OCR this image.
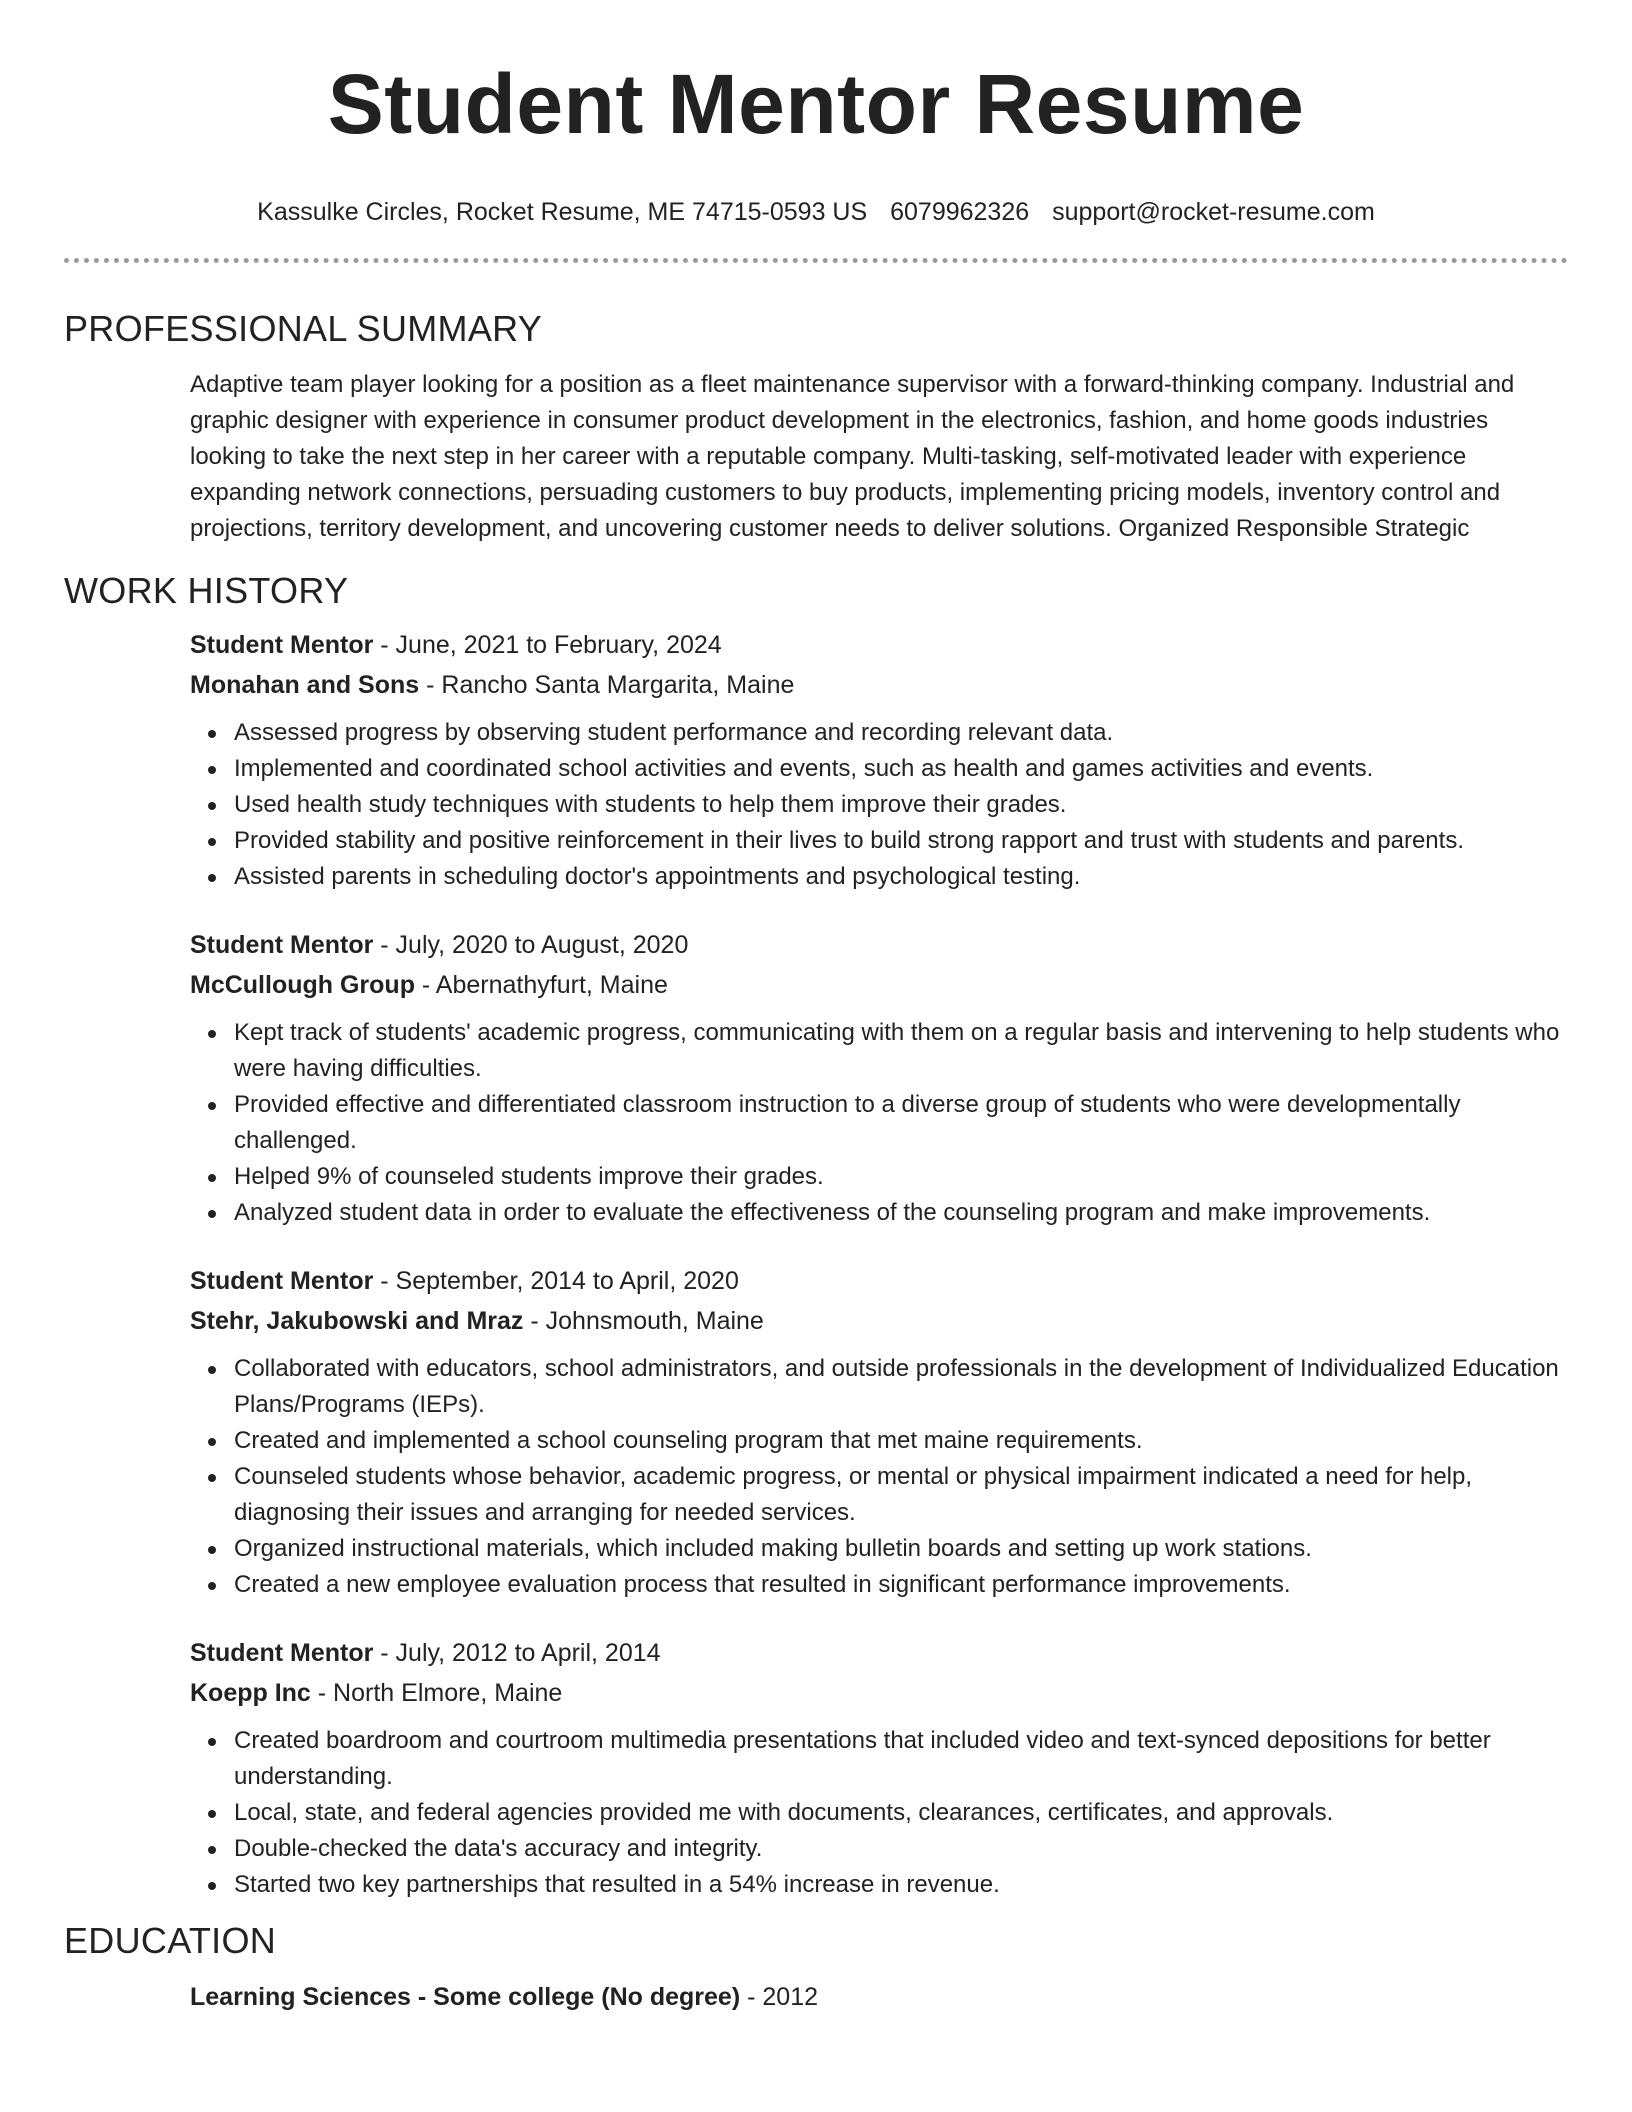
Student Mentor Resume
Kassulke Circles, Rocket Resume, ME 74715-0593 US 6079962326 support@rocket-resume.com
PROFESSIONAL SUMMARY
Adaptive team player looking for a position as a fleet maintenance supervisor with a forward-thinking company. Industrial and graphic designer with experience in consumer product development in the electronics, fashion, and home goods industries looking to take the next step in her career with a reputable company. Multi-tasking, self-motivated leader with experience expanding network connections, persuading customers to buy products, implementing pricing models, inventory control and projections, territory development, and uncovering customer needs to deliver solutions. Organized Responsible Strategic
WORK HISTORY
Student Mentor - June, 2021 to February, 2024
Monahan and Sons - Rancho Santa Margarita, Maine
Assessed progress by observing student performance and recording relevant data.
Implemented and coordinated school activities and events, such as health and games activities and events.
Used health study techniques with students to help them improve their grades.
Provided stability and positive reinforcement in their lives to build strong rapport and trust with students and parents.
Assisted parents in scheduling doctor's appointments and psychological testing.
Student Mentor - July, 2020 to August, 2020
McCullough Group - Abernathyfurt, Maine
Kept track of students' academic progress, communicating with them on a regular basis and intervening to help students who were having difficulties.
Provided effective and differentiated classroom instruction to a diverse group of students who were developmentally challenged.
Helped 9% of counseled students improve their grades.
Analyzed student data in order to evaluate the effectiveness of the counseling program and make improvements.
Student Mentor - September, 2014 to April, 2020
Stehr, Jakubowski and Mraz - Johnsmouth, Maine
Collaborated with educators, school administrators, and outside professionals in the development of Individualized Education Plans/Programs (IEPs).
Created and implemented a school counseling program that met maine requirements.
Counseled students whose behavior, academic progress, or mental or physical impairment indicated a need for help, diagnosing their issues and arranging for needed services.
Organized instructional materials, which included making bulletin boards and setting up work stations.
Created a new employee evaluation process that resulted in significant performance improvements.
Student Mentor - July, 2012 to April, 2014
Koepp Inc - North Elmore, Maine
Created boardroom and courtroom multimedia presentations that included video and text-synced depositions for better understanding.
Local, state, and federal agencies provided me with documents, clearances, certificates, and approvals.
Double-checked the data's accuracy and integrity.
Started two key partnerships that resulted in a 54% increase in revenue.
EDUCATION
Learning Sciences - Some college (No degree) - 2012
